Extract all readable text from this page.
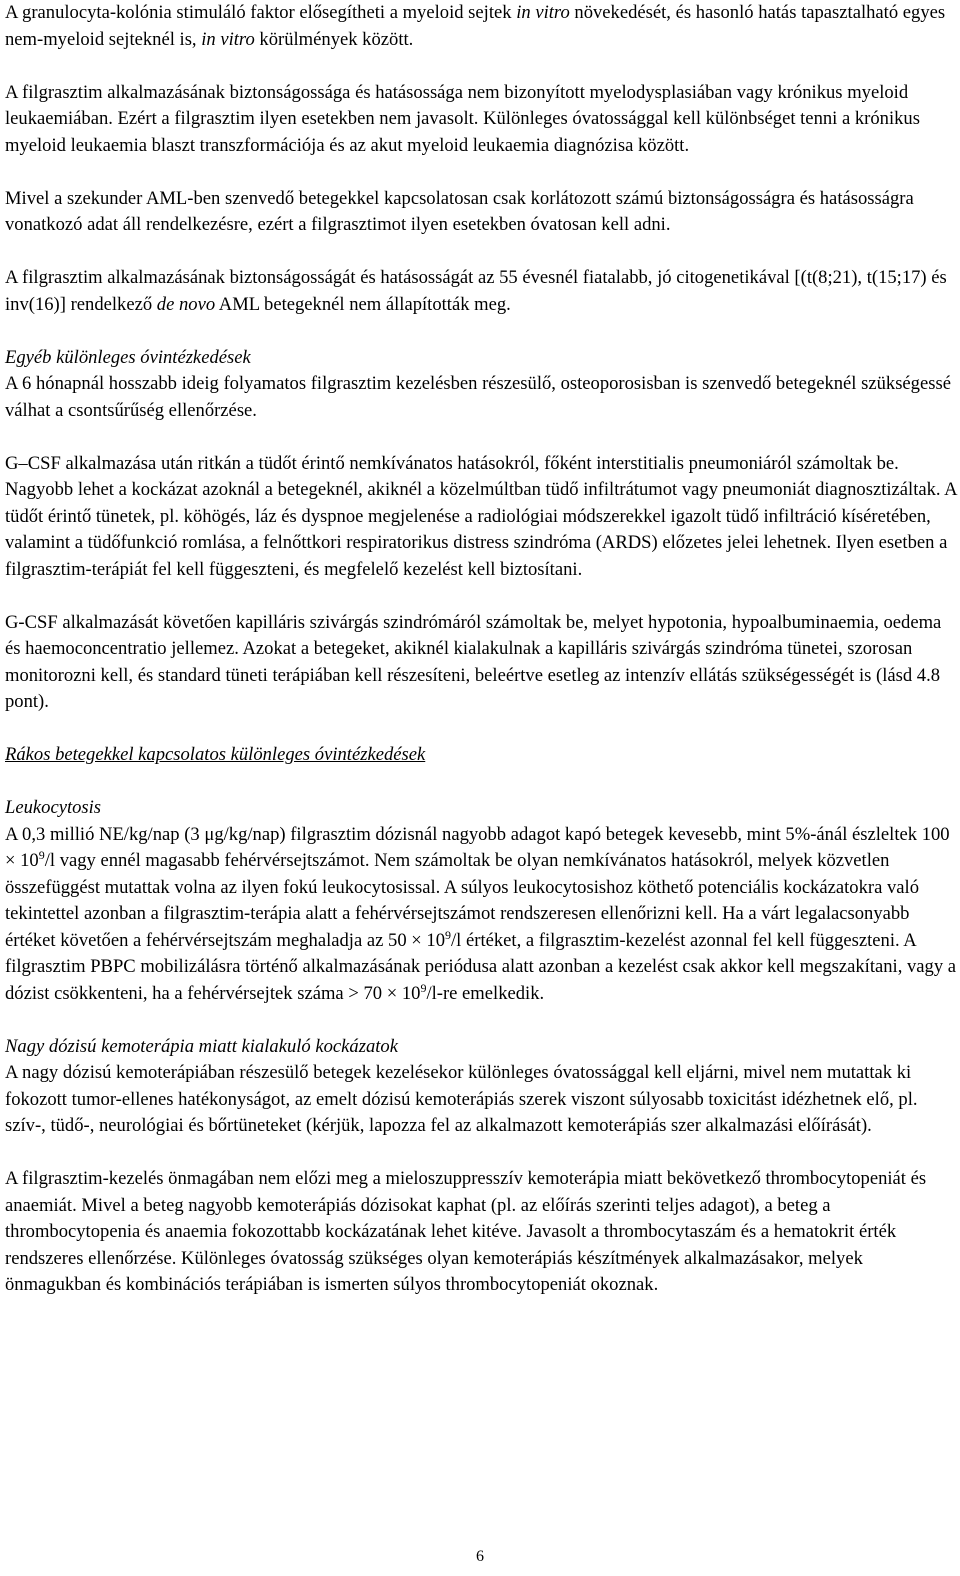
A granulocyta-kolónia stimuláló faktor elősegítheti a myeloid sejtek in vitro növekedését, és hasonló hatás tapasztalható egyes nem-myeloid sejteknél is, in vitro körülmények között.

A filgrasztim alkalmazásának biztonságossága és hatásossága nem bizonyított myelodysplasiában vagy krónikus myeloid leukaemiában. Ezért a filgrasztim ilyen esetekben nem javasolt. Különleges óvatossággal kell különbséget tenni a krónikus myeloid leukaemia blaszt transzformációja és az akut myeloid leukaemia diagnózisa között.

Mivel a szekunder AML-ben szenvedő betegekkel kapcsolatosan csak korlátozott számú biztonságosságra és hatásosságra vonatkozó adat áll rendelkezésre, ezért a filgrasztimot ilyen esetekben óvatosan kell adni.

A filgrasztim alkalmazásának biztonságosságát és hatásosságát az 55 évesnél fiatalabb, jó citogenetikával [(t(8;21), t(15;17) és inv(16)] rendelkező de novo AML betegeknél nem állapították meg.

Egyéb különleges óvintézkedések

A 6 hónapnál hosszabb ideig folyamatos filgrasztim kezelésben részesülő, osteoporosisban is szenvedő betegeknél szükségessé válhat a csontsűrűség ellenőrzése.

G–CSF alkalmazása után ritkán a tüdőt érintő nemkívánatos hatásokról, főként interstitialis pneumoniáról számoltak be. Nagyobb lehet a kockázat azoknál a betegeknél, akiknél a közelmúltban tüdő infiltrátumot vagy pneumoniát diagnosztizáltak. A tüdőt érintő tünetek, pl. köhögés, láz és dyspnoe megjelenése a radiológiai módszerekkel igazolt tüdő infiltráció kíséretében, valamint a tüdőfunkció romlása, a felnőttkori respiratorikus distress szindróma (ARDS) előzetes jelei lehetnek. Ilyen esetben a filgrasztim-terápiát fel kell függeszteni, és megfelelő kezelést kell biztosítani.

G-CSF alkalmazását követően kapilláris szivárgás szindrómáról számoltak be, melyet hypotonia, hypoalbuminaemia, oedema és haemoconcentratio jellemez. Azokat a betegeket, akiknél kialakulnak a kapilláris szivárgás szindróma tünetei, szorosan monitorozni kell, és standard tüneti terápiában kell részesíteni, beleértve esetleg az intenzív ellátás szükségességét is (lásd 4.8 pont).

Rákos betegekkel kapcsolatos különleges óvintézkedések

Leukocytosis

A 0,3 millió NE/kg/nap (3 μg/kg/nap) filgrasztim dózisnál nagyobb adagot kapó betegek kevesebb, mint 5%-ánál észleltek $100 \times 10^9/l$ vagy ennél magasabb fehérvérsejtszámot. Nem számoltak be olyan nemkívánatos hatásokról, melyek közvetlen összefüggést mutattak volna az ilyen fokú leukocytosissal. A súlyos leukocytosishoz köthető potenciális kockázatokra való tekintettel azonban a filgrasztim-terápia alatt a fehérvérsejtszámot rendszeresen ellenőrizni kell. Ha a várt legalacsonyabb értéket követően a fehérvérsejtszám meghaladja az $50 \times 10^9/l$ értéket, a filgrasztim-kezelést azonnal fel kell függeszteni. A filgrasztim PBPC mobilizálásra történő alkalmazásának periódusa alatt azonban a kezelést csak akkor kell megszakítani, vagy a dózist csökkenteni, ha a fehérvérsejtek száma > $70 \times 10^9/l-re$ emelkedik.

Nagy dózisú kemoterápia miatt kialakuló kockázatok

A nagy dózisú kemoterápiában részesülő betegek kezelésekor különleges óvatossággal kell eljárni, mivel nem mutattak ki fokozott tumor-ellenes hatékonyságot, az emelt dózisú kemoterápiás szerek viszont súlyosabb toxicitást idézhetnek elő, pl. szív-, tüdő-, neurológiai és bőrtüneteket (kérjük, lapozza fel az alkalmazott kemoterápiás szer alkalmazási előírását).

A filgrasztim-kezelés önmagában nem előzi meg a mieloszuppresszív kemoterápia miatt bekövetkező thrombocytopeniát és anaemiát. Mivel a beteg nagyobb kemoterápiás dózisokat kaphat (pl. az előírás szerinti teljes adagot), a beteg a thrombocytopenia és anaemia fokozottabb kockázatának lehet kitéve. Javasolt a thrombocytaszám és a hematokrit érték rendszeres ellenőrzése. Különleges óvatosság szükséges olyan kemoterápiás készítmények alkalmazásakor, melyek önmagukban és kombinációs terápiában is ismerten súlyos thrombocytopeniát okoznak.

6
